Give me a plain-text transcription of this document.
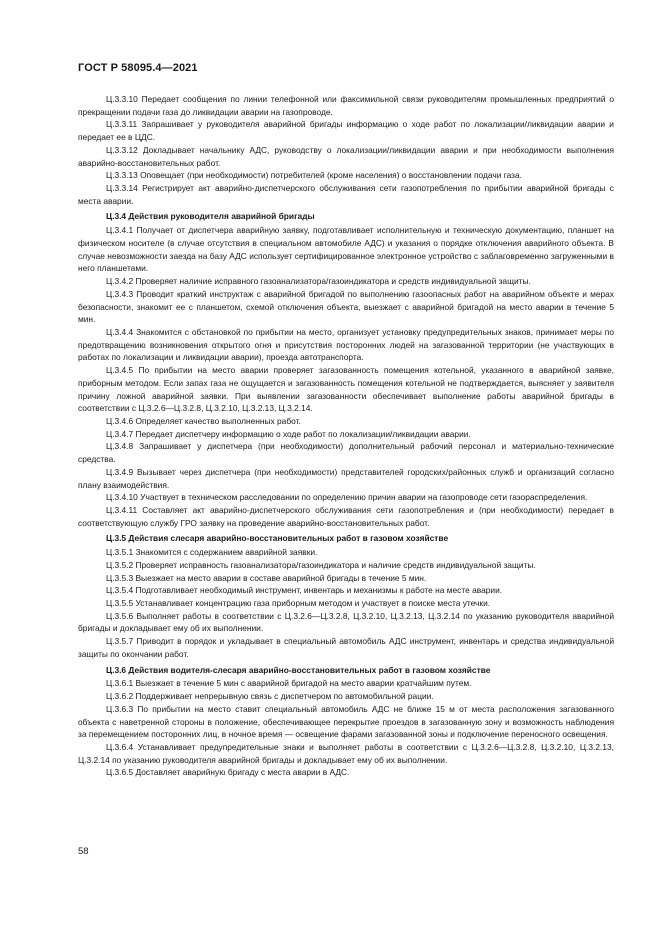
ГОСТ Р 58095.4—2021

Ц.3.3.10 Передает сообщения по линии телефонной или факсимильной связи руководителям промышленных предприятий о прекращении подачи газа до ликвидации аварии на газопроводе.

Ц.3.3.11 Запрашивает у руководителя аварийной бригады информацию о ходе работ по локализации/ликвидации аварии и передает ее в ЦДС.

Ц.3.3.12 Докладывает начальнику АДС, руководству о локализации/ликвидации аварии и при необходимости выполнения аварийно-восстановительных работ.

Ц.3.3.13 Оповещает (при необходимости) потребителей (кроме населения) о восстановлении подачи газа.

Ц.3.3.14 Регистрирует акт аварийно-диспетчерского обслуживания сети газопотребления по прибытии аварийной бригады с места аварии.

Ц.3.4 Действия руководителя аварийной бригады

Ц.3.4.1 Получает от диспетчера аварийную заявку, подготавливает исполнительную и техническую документацию, планшет на физическом носителе (в случае отсутствия в специальном автомобиле АДС) и указания о порядке отключения аварийного объекта. В случае невозможности заезда на базу АДС использует сертифицированное электронное устройство с заблаговременно загруженными в него планшетами.

Ц.3.4.2 Проверяет наличие исправного газоанализатора/газоиндикатора и средств индивидуальной защиты.

Ц.3.4.3 Проводит краткий инструктаж с аварийной бригадой по выполнению газоопасных работ на аварийном объекте и мерах безопасности, знакомит ее с планшетом, схемой отключения объекта, выезжает с аварийной бригадой на место аварии в течение 5 мин.

Ц.3.4.4 Знакомится с обстановкой по прибытии на место, организует установку предупредительных знаков, принимает меры по предотвращению возникновения открытого огня и присутствия посторонних людей на загазованной территории (не участвующих в работах по локализации и ликвидации аварии), проезда автотранспорта.

Ц.3.4.5 По прибытии на место аварии проверяет загазованность помещения котельной, указанного в аварийной заявке, приборным методом. Если запах газа не ощущается и загазованность помещения котельной не подтверждается, выясняет у заявителя причину ложной аварийной заявки. При выявлении загазованности обеспечивает выполнение работы аварийной бригады в соответствии с Ц.3.2.6—Ц.3.2.8, Ц.3.2.10, Ц.3.2.13, Ц.3.2.14.

Ц.3.4.6 Определяет качество выполненных работ.

Ц.3.4.7 Передает диспетчеру информацию о ходе работ по локализации/ликвидации аварии.

Ц.3.4.8 Запрашивает у диспетчера (при необходимости) дополнительный рабочий персонал и материально-технические средства.

Ц.3.4.9 Вызывает через диспетчера (при необходимости) представителей городских/районных служб и организаций согласно плану взаимодействия.

Ц.3.4.10 Участвует в техническом расследовании по определению причин аварии на газопроводе сети газораспределения.

Ц.3.4.11 Составляет акт аварийно-диспетчерского обслуживания сети газопотребления и (при необходимости) передает в соответствующую службу ГРО заявку на проведение аварийно-восстановительных работ.

Ц.3.5 Действия слесаря аварийно-восстановительных работ в газовом хозяйстве

Ц.3.5.1 Знакомится с содержанием аварийной заявки.

Ц.3.5.2 Проверяет исправность газоанализатора/газоиндикатора и наличие средств индивидуальной защиты.

Ц.3.5.3 Выезжает на место аварии в составе аварийной бригады в течение 5 мин.

Ц.3.5.4 Подготавливает необходимый инструмент, инвентарь и механизмы к работе на месте аварии.

Ц.3.5.5 Устанавливает концентрацию газа приборным методом и участвует в поиске места утечки.

Ц.3.5.6 Выполняет работы в соответствии с Ц.3.2.6—Ц.3.2.8, Ц.3.2.10, Ц.3.2.13, Ц.3.2.14 по указанию руководителя аварийной бригады и докладывает ему об их выполнении.

Ц.3.5.7 Приводит в порядок и укладывает в специальный автомобиль АДС инструмент, инвентарь и средства индивидуальной защиты по окончании работ.

Ц.3.6 Действия водителя-слесаря аварийно-восстановительных работ в газовом хозяйстве

Ц.3.6.1 Выезжает в течение 5 мин с аварийной бригадой на место аварии кратчайшим путем.

Ц.3.6.2 Поддерживает непрерывную связь с диспетчером по автомобильной рации.

Ц.3.6.3 По прибытии на место ставит специальный автомобиль АДС не ближе 15 м от места расположения загазованного объекта с наветренной стороны в положение, обеспечивающее перекрытие проездов в загазованную зону и возможность наблюдения за перемещением посторонних лиц, в ночное время — освещение фарами загазованной зоны и подключение переносного освещения.

Ц.3.6.4 Устанавливает предупредительные знаки и выполняет работы в соответствии с Ц.3.2.6—Ц.3.2.8, Ц.3.2.10, Ц.3.2.13, Ц.3.2.14 по указанию руководителя аварийной бригады и докладывает ему об их выполнении.

Ц.3.6.5 Доставляет аварийную бригаду с места аварии в АДС.

58
